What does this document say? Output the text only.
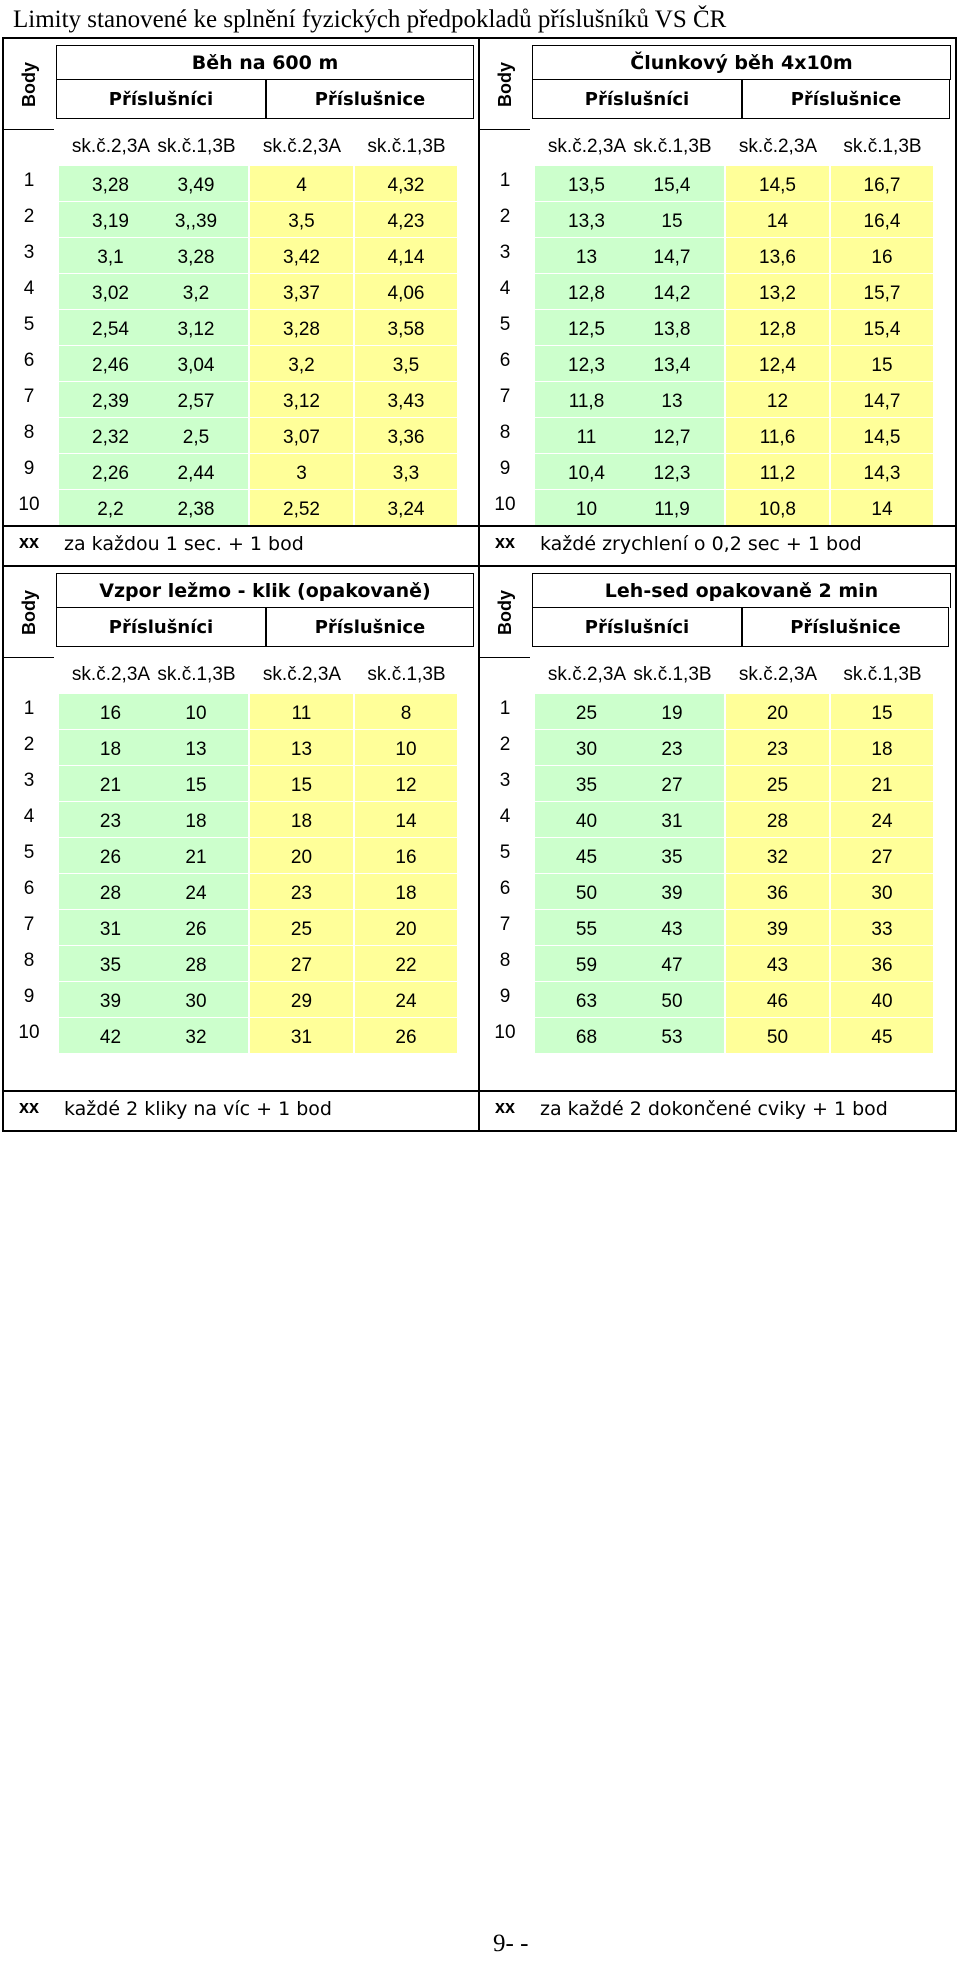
Limity stanovené ke splnění fyzických předpokladů příslušníků VS ČR
Body	Běh na 600 m
Příslušníci	Příslušnice
sk.č.2,3A sk.č.1,3B	sk.č.2,3A	sk.č.1,3B
1	3,28	3,49	4	4,32
2	3,19	3,,39	3,5	4,23
3	3,1	3,28	3,42	4,14
4	3,02	3,2	3,37	4,06
5	2,54	3,12	3,28	3,58
6	2,46	3,04	3,2	3,5
7	2,39	2,57	3,12	3,43
8	2,32	2,5	3,07	3,36
9	2,26	2,44	3	3,3
10	2,2	2,38	2,52	3,24
xx	za každou 1 sec. + 1 bod
Body	Člunkový běh 4x10m
Příslušníci	Příslušnice
sk.č.2,3A sk.č.1,3B	sk.č.2,3A	sk.č.1,3B
1	13,5	15,4	14,5	16,7
2	13,3	15	14	16,4
3	13	14,7	13,6	16
4	12,8	14,2	13,2	15,7
5	12,5	13,8	12,8	15,4
6	12,3	13,4	12,4	15
7	11,8	13	12	14,7
8	11	12,7	11,6	14,5
9	10,4	12,3	11,2	14,3
10	10	11,9	10,8	14
xx	každé zrychlení o 0,2 sec + 1 bod
Body	Vzpor ležmo - klik (opakovaně)
Příslušníci	Příslušnice
sk.č.2,3A sk.č.1,3B	sk.č.2,3A	sk.č.1,3B
1	16	10	11	8
2	18	13	13	10
3	21	15	15	12
4	23	18	18	14
5	26	21	20	16
6	28	24	23	18
7	31	26	25	20
8	35	28	27	22
9	39	30	29	24
10	42	32	31	26
xx	každé 2 kliky na víc + 1 bod
Body	Leh-sed opakovaně 2 min
Příslušníci	Příslušnice
sk.č.2,3A sk.č.1,3B	sk.č.2,3A	sk.č.1,3B
1	25	19	20	15
2	30	23	23	18
3	35	27	25	21
4	40	31	28	24
5	45	35	32	27
6	50	39	36	30
7	55	43	39	33
8	59	47	43	36
9	63	50	46	40
10	68	53	50	45
xx	za každé 2 dokončené cviky + 1 bod
9- -
